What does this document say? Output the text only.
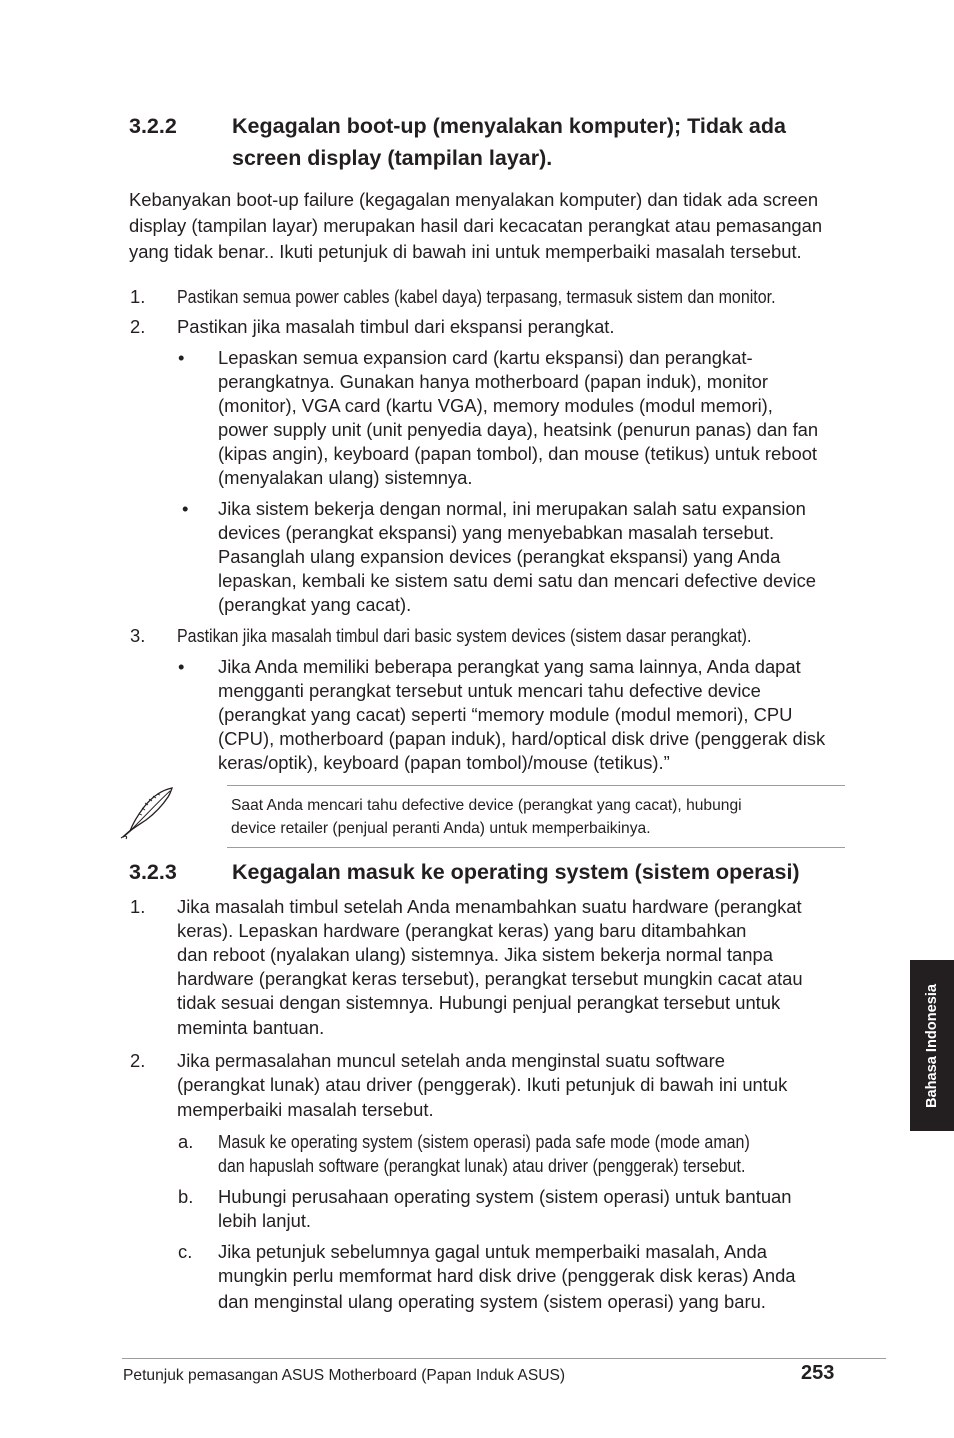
3.2.2	Kegagalan boot-up (menyalakan komputer); Tidak ada
screen display (tampilan layar).
Kebanyakan boot-up failure (kegagalan menyalakan komputer) dan tidak ada screen
display (tampilan layar) merupakan hasil dari kecacatan perangkat atau pemasangan
yang tidak benar.. Ikuti petunjuk di bawah ini untuk memperbaiki masalah tersebut.
1. Pastikan semua power cables (kabel daya) terpasang, termasuk sistem dan monitor.
2. Pastikan jika masalah timbul dari ekspansi perangkat.
• Lepaskan semua expansion card (kartu ekspansi) dan perangkat-
perangkatnya. Gunakan hanya motherboard (papan induk), monitor
(monitor), VGA card (kartu VGA), memory modules (modul memori),
power supply unit (unit penyedia daya), heatsink (penurun panas) dan fan
(kipas angin), keyboard (papan tombol), dan mouse (tetikus) untuk reboot
(menyalakan ulang) sistemnya.
• Jika sistem bekerja dengan normal, ini merupakan salah satu expansion
devices (perangkat ekspansi) yang menyebabkan masalah tersebut.
Pasanglah ulang expansion devices (perangkat ekspansi) yang Anda
lepaskan, kembali ke sistem satu demi satu dan mencari defective device
(perangkat yang cacat).
3. Pastikan jika masalah timbul dari basic system devices (sistem dasar perangkat).
• Jika Anda memiliki beberapa perangkat yang sama lainnya, Anda dapat
mengganti perangkat tersebut untuk mencari tahu defective device
(perangkat yang cacat) seperti “memory module (modul memori), CPU
(CPU), motherboard (papan induk), hard/optical disk drive (penggerak disk
keras/optik), keyboard (papan tombol)/mouse (tetikus).”
Saat Anda mencari tahu defective device (perangkat yang cacat), hubungi
device retailer (penjual peranti Anda) untuk memperbaikinya.
3.2.3	Kegagalan masuk ke operating system (sistem operasi)
1. Jika masalah timbul setelah Anda menambahkan suatu hardware (perangkat
keras). Lepaskan hardware (perangkat keras) yang baru ditambahkan
dan reboot (nyalakan ulang) sistemnya. Jika sistem bekerja normal tanpa
hardware (perangkat keras tersebut), perangkat tersebut mungkin cacat atau
tidak sesuai dengan sistemnya. Hubungi penjual perangkat tersebut untuk
meminta bantuan.
2. Jika permasalahan muncul setelah anda menginstal suatu software
(perangkat lunak) atau driver (penggerak). Ikuti petunjuk di bawah ini untuk
memperbaiki masalah tersebut.
a. Masuk ke operating system (sistem operasi) pada safe mode (mode aman)
dan hapuslah software (perangkat lunak) atau driver (penggerak) tersebut.
b. Hubungi perusahaan operating system (sistem operasi) untuk bantuan
lebih lanjut.
c. Jika petunjuk sebelumnya gagal untuk memperbaiki masalah, Anda
mungkin perlu memformat hard disk drive (penggerak disk keras) Anda
dan menginstal ulang operating system (sistem operasi) yang baru.
Bahasa Indonesia
Petunjuk pemasangan ASUS Motherboard (Papan Induk ASUS)	253
